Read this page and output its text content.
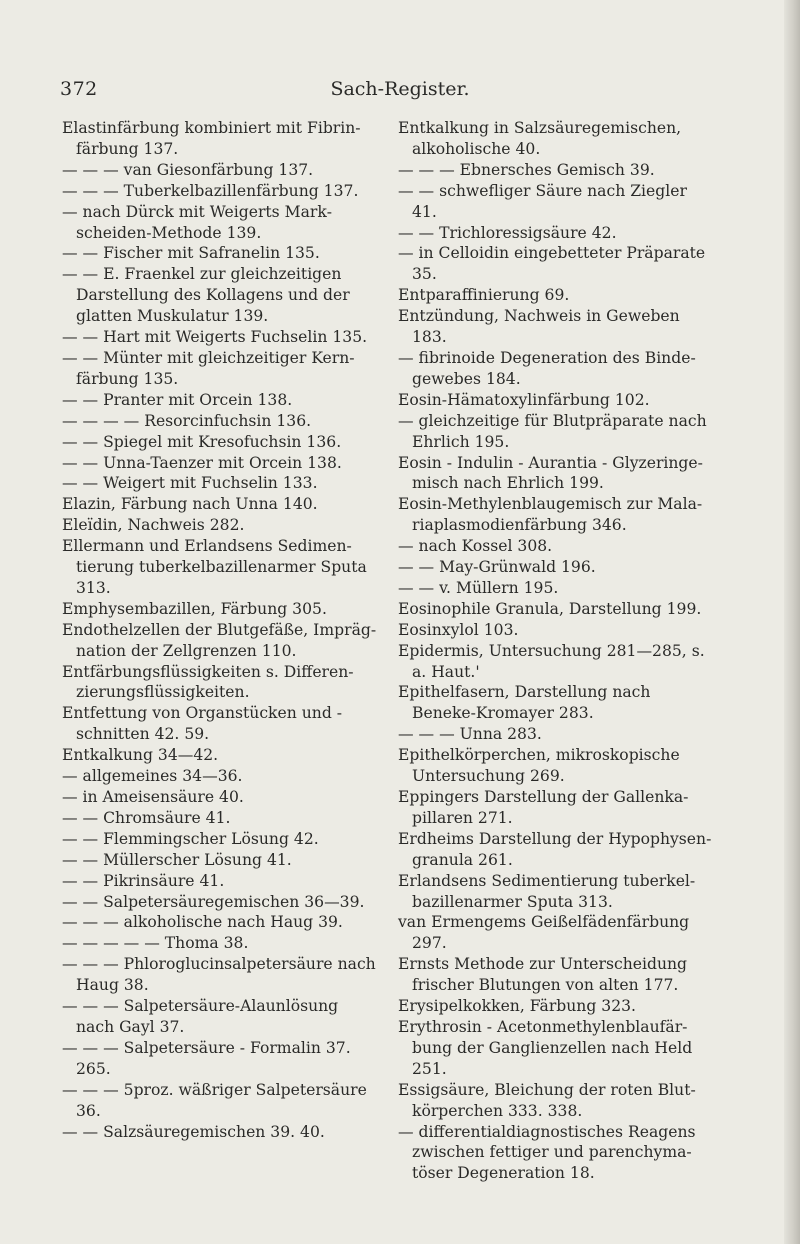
372	Sach-Register.

Elastinfärbung kombiniert mit Fibrinfärbung 137.

— — — van Giesonfärbung 137.

— — — Tuberkelbazillenfärbung 137.

— nach Dürck mit Weigerts Markscheiden-Methode 139.

— — Fischer mit Safranelin 135.

— — E. Fraenkel zur gleichzeitigen Darstellung des Kollagens und der glatten Muskulatur 139.

— — Hart mit Weigerts Fuchselin 135.

— — Münter mit gleichzeitiger Kernfärbung 135.

— — Pranter mit Orcein 138.

— — — — Resorcinfuchsin 136.

— — Spiegel mit Kresofuchsin 136.

— — Unna-Taenzer mit Orcein 138.

— — Weigert mit Fuchselin 133.

Elazin, Färbung nach Unna 140.

Eleïdin, Nachweis 282.

Ellermann und Erlandsens Sedimentierung tuberkelbazillenarmer Sputa 313.

Emphysembazillen, Färbung 305.

Endothelzellen der Blutgefäße, Imprägnation der Zellgrenzen 110.

Entfärbungsflüssigkeiten s. Differenzierungsflüssigkeiten.

Entfettung von Organstücken und -schnitten 42. 59.

Entkalkung 34—42.

— allgemeines 34—36.

— in Ameisensäure 40.

— — Chromsäure 41.

— — Flemmingscher Lösung 42.

— — Müllerscher Lösung 41.

— — Pikrinsäure 41.

— — Salpetersäuregemischen 36—39.

— — — alkoholische nach Haug 39.

— — — — — Thoma 38.

— — — Phloroglucinsalpetersäure nach Haug 38.

— — — Salpetersäure-Alaunlösung nach Gayl 37.

— — — Salpetersäure - Formalin 37. 265.

— — — 5proz. wäßriger Salpetersäure 36.

— — Salzsäuregemischen 39. 40.

Entkalkung in Salzsäuregemischen, alkoholische 40.

— — — Ebnersches Gemisch 39.

— — schwefliger Säure nach Ziegler 41.

— — Trichloressigsäure 42.

— in Celloidin eingebetteter Präparate 35.

Entparaffinierung 69.

Entzündung, Nachweis in Geweben 183.

— fibrinoide Degeneration des Bindegewebes 184.

Eosin-Hämatoxylinfärbung 102.

— gleichzeitige für Blutpräparate nach Ehrlich 195.

Eosin - Indulin - Aurantia - Glyzeringemisch nach Ehrlich 199.

Eosin-Methylenblaugemisch zur Malariaplasmodienfärbung 346.

— nach Kossel 308.

— — May-Grünwald 196.

— — v. Müllern 195.

Eosinophile Granula, Darstellung 199.

Eosinxylol 103.

Epidermis, Untersuchung 281—285, s. a. Haut.'

Epithelfasern, Darstellung nach Beneke-Kromayer 283.

— — — Unna 283.

Epithelkörperchen, mikroskopische Untersuchung 269.

Eppingers Darstellung der Gallenkapillaren 271.

Erdheims Darstellung der Hypophysengranula 261.

Erlandsens Sedimentierung tuberkelbazillenarmer Sputa 313.

van Ermengems Geißelfädenfärbung 297.

Ernsts Methode zur Unterscheidung frischer Blutungen von alten 177.

Erysipelkokken, Färbung 323.

Erythrosin - Acetonmethylenblaufärbung der Ganglienzellen nach Held 251.

Essigsäure, Bleichung der roten Blutkörperchen 333. 338.

— differentialdiagnostisches Reagens zwischen fettiger und parenchymatöser Degeneration 18.
